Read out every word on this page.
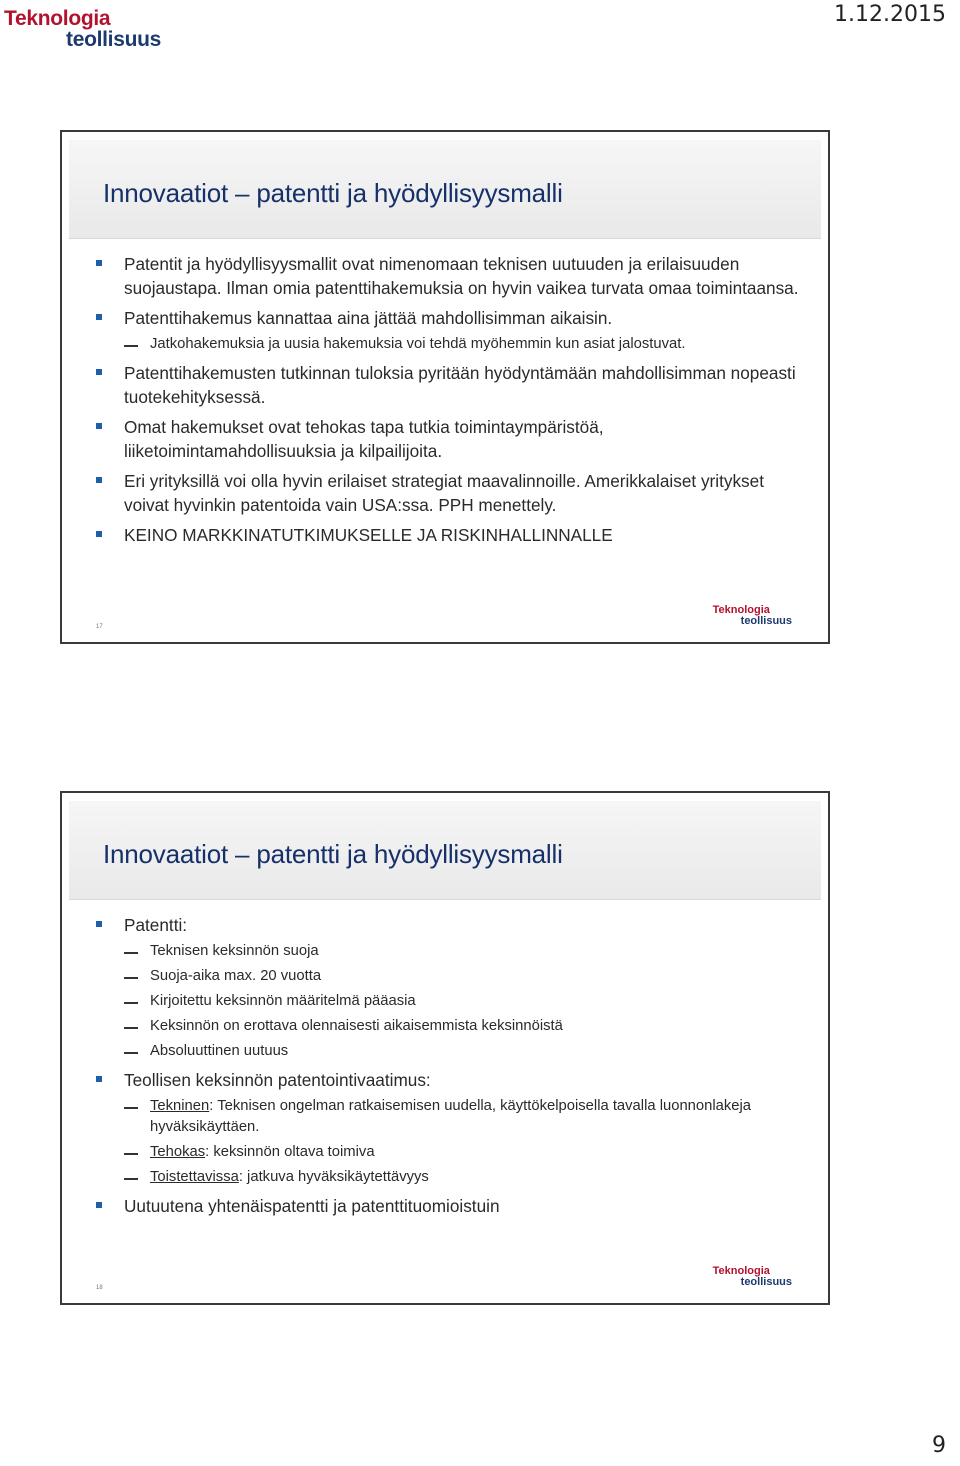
Teknologia
teollisuus
1.12.2015
Innovaatiot – patentti ja hyödyllisyysmalli
Patentit ja hyödyllisyysmallit ovat nimenomaan teknisen uutuuden ja erilaisuuden suojaustapa. Ilman omia patenttihakemuksia on hyvin vaikea turvata omaa toimintaansa.
Patenttihakemus kannattaa aina jättää mahdollisimman aikaisin.
Jatkohakemuksia ja uusia hakemuksia voi tehdä myöhemmin kun asiat jalostuvat.
Patenttihakemusten tutkinnan tuloksia pyritään hyödyntämään mahdollisimman nopeasti tuotekehityksessä.
Omat hakemukset ovat tehokas tapa tutkia toimintaympäristöä, liiketoimintamahdollisuuksia ja kilpailijoita.
Eri yrityksillä voi olla hyvin erilaiset strategiat maavalinnoille. Amerikkalaiset yritykset voivat hyvinkin patentoida vain USA:ssa. PPH menettely.
KEINO MARKKINATUTKIMUKSELLE JA RISKINHALLINNALLE
17
Teknologia
teollisuus
Innovaatiot – patentti ja hyödyllisyysmalli
Patentti:
Teknisen keksinnön suoja
Suoja-aika max. 20 vuotta
Kirjoitettu keksinnön määritelmä pääasia
Keksinnön on erottava olennaisesti aikaisemmista keksinnöistä
Absoluuttinen uutuus
Teollisen keksinnön patentointivaatimus:
Tekninen: Teknisen ongelman ratkaisemisen uudella, käyttökelpoisella tavalla luonnonlakeja hyväksikäyttäen.
Tehokas: keksinnön oltava toimiva
Toistettavissa: jatkuva hyväksikäytettävyys
Uutuutena yhtenäispatentti ja patenttituomioistuin
18
Teknologia
teollisuus
9
